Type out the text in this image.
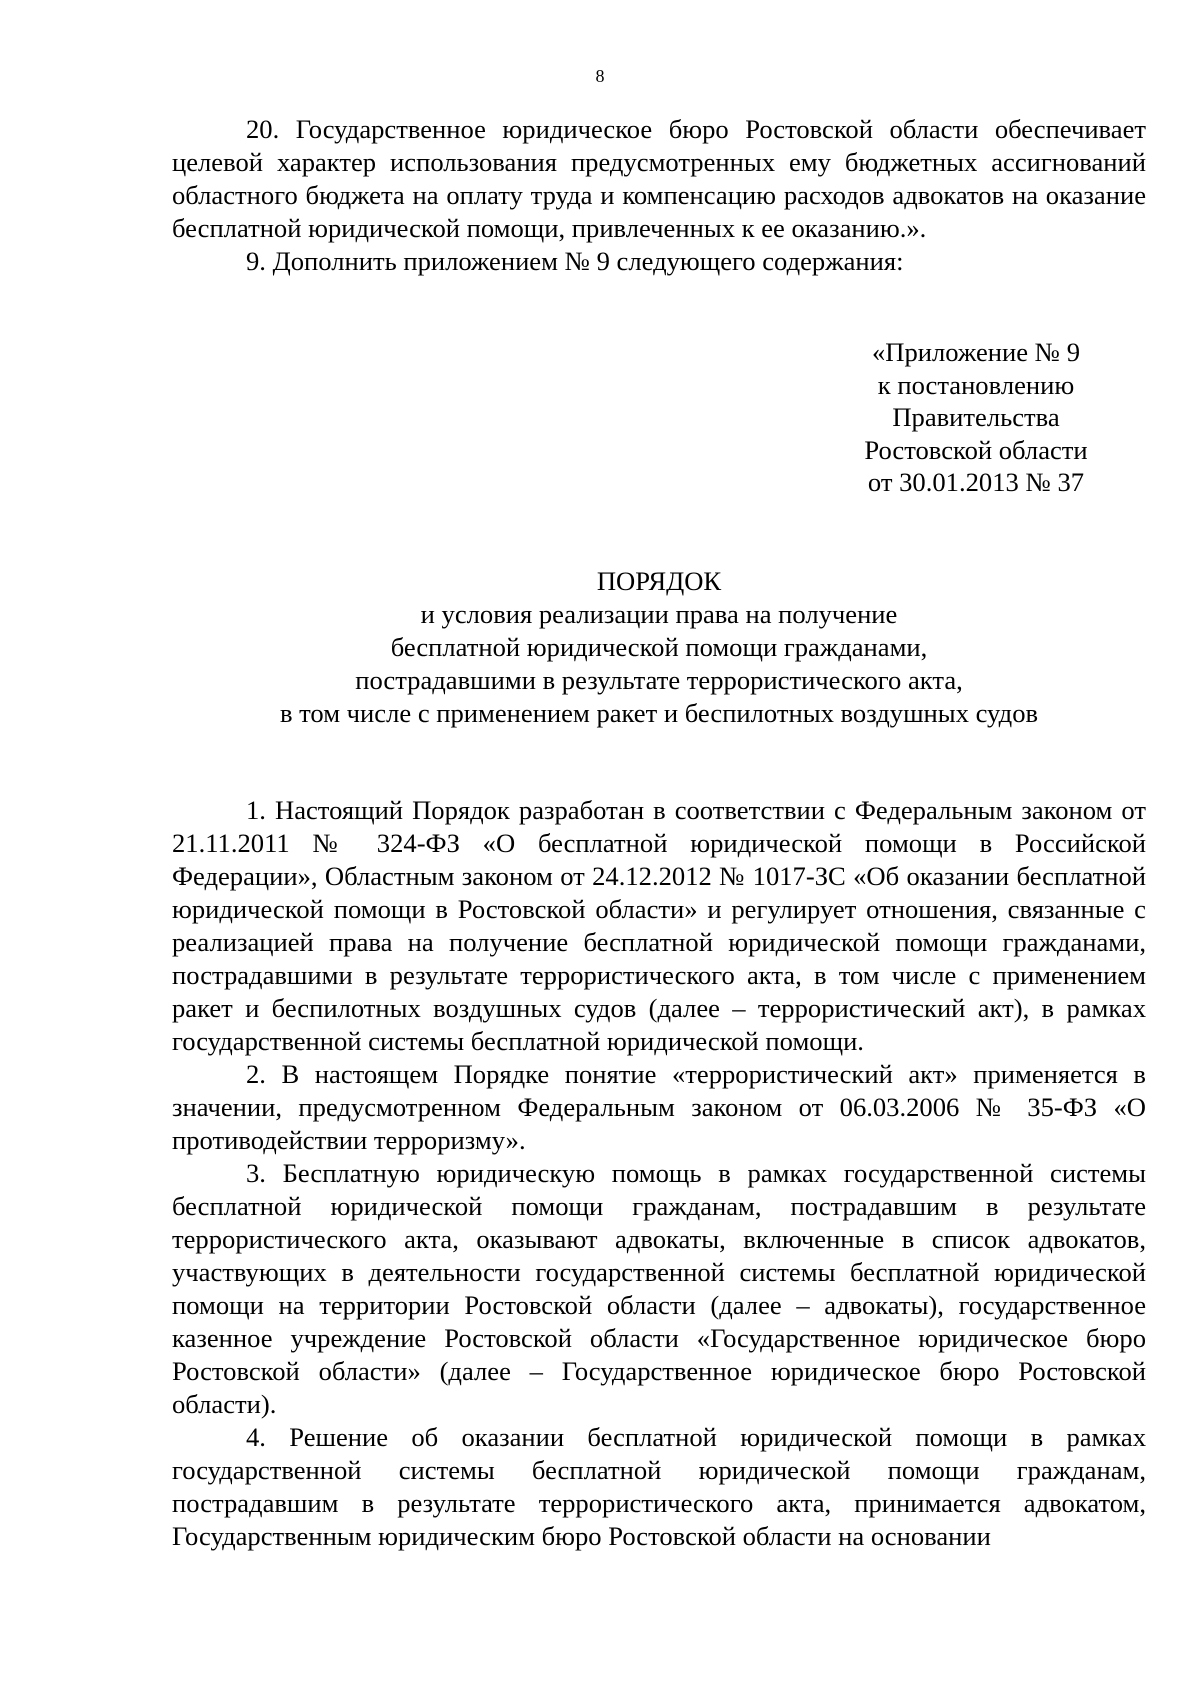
8

20. Государственное юридическое бюро Ростовской области обеспечивает целевой характер использования предусмотренных ему бюджетных ассигнований областного бюджета на оплату труда и компенсацию расходов адвокатов на оказание бесплатной юридической помощи, привлеченных к ее оказанию.».

9. Дополнить приложением № 9 следующего содержания:

«Приложение № 9
к постановлению
Правительства
Ростовской области
от 30.01.2013 № 37
ПОРЯДОК
и условия реализации права на получение
бесплатной юридической помощи гражданами,
пострадавшими в результате террористического акта,
в том числе с применением ракет и беспилотных воздушных судов

1. Настоящий Порядок разработан в соответствии с Федеральным законом от 21.11.2011 № 324-ФЗ «О бесплатной юридической помощи в Российской Федерации», Областным законом от 24.12.2012 № 1017-ЗС «Об оказании бесплатной юридической помощи в Ростовской области» и регулирует отношения, связанные с реализацией права на получение бесплатной юридической помощи гражданами, пострадавшими в результате террористического акта, в том числе с применением ракет и беспилотных воздушных судов (далее – террористический акт), в рамках государственной системы бесплатной юридической помощи.

2. В настоящем Порядке понятие «террористический акт» применяется в значении, предусмотренном Федеральным законом от 06.03.2006 № 35-ФЗ «О противодействии терроризму».

3. Бесплатную юридическую помощь в рамках государственной системы бесплатной юридической помощи гражданам, пострадавшим в результате террористического акта, оказывают адвокаты, включенные в список адвокатов, участвующих в деятельности государственной системы бесплатной юридической помощи на территории Ростовской области (далее – адвокаты), государственное казенное учреждение Ростовской области «Государственное юридическое бюро Ростовской области» (далее – Государственное юридическое бюро Ростовской области).

4. Решение об оказании бесплатной юридической помощи в рамках государственной системы бесплатной юридической помощи гражданам, пострадавшим в результате террористического акта, принимается адвокатом, Государственным юридическим бюро Ростовской области на основании
